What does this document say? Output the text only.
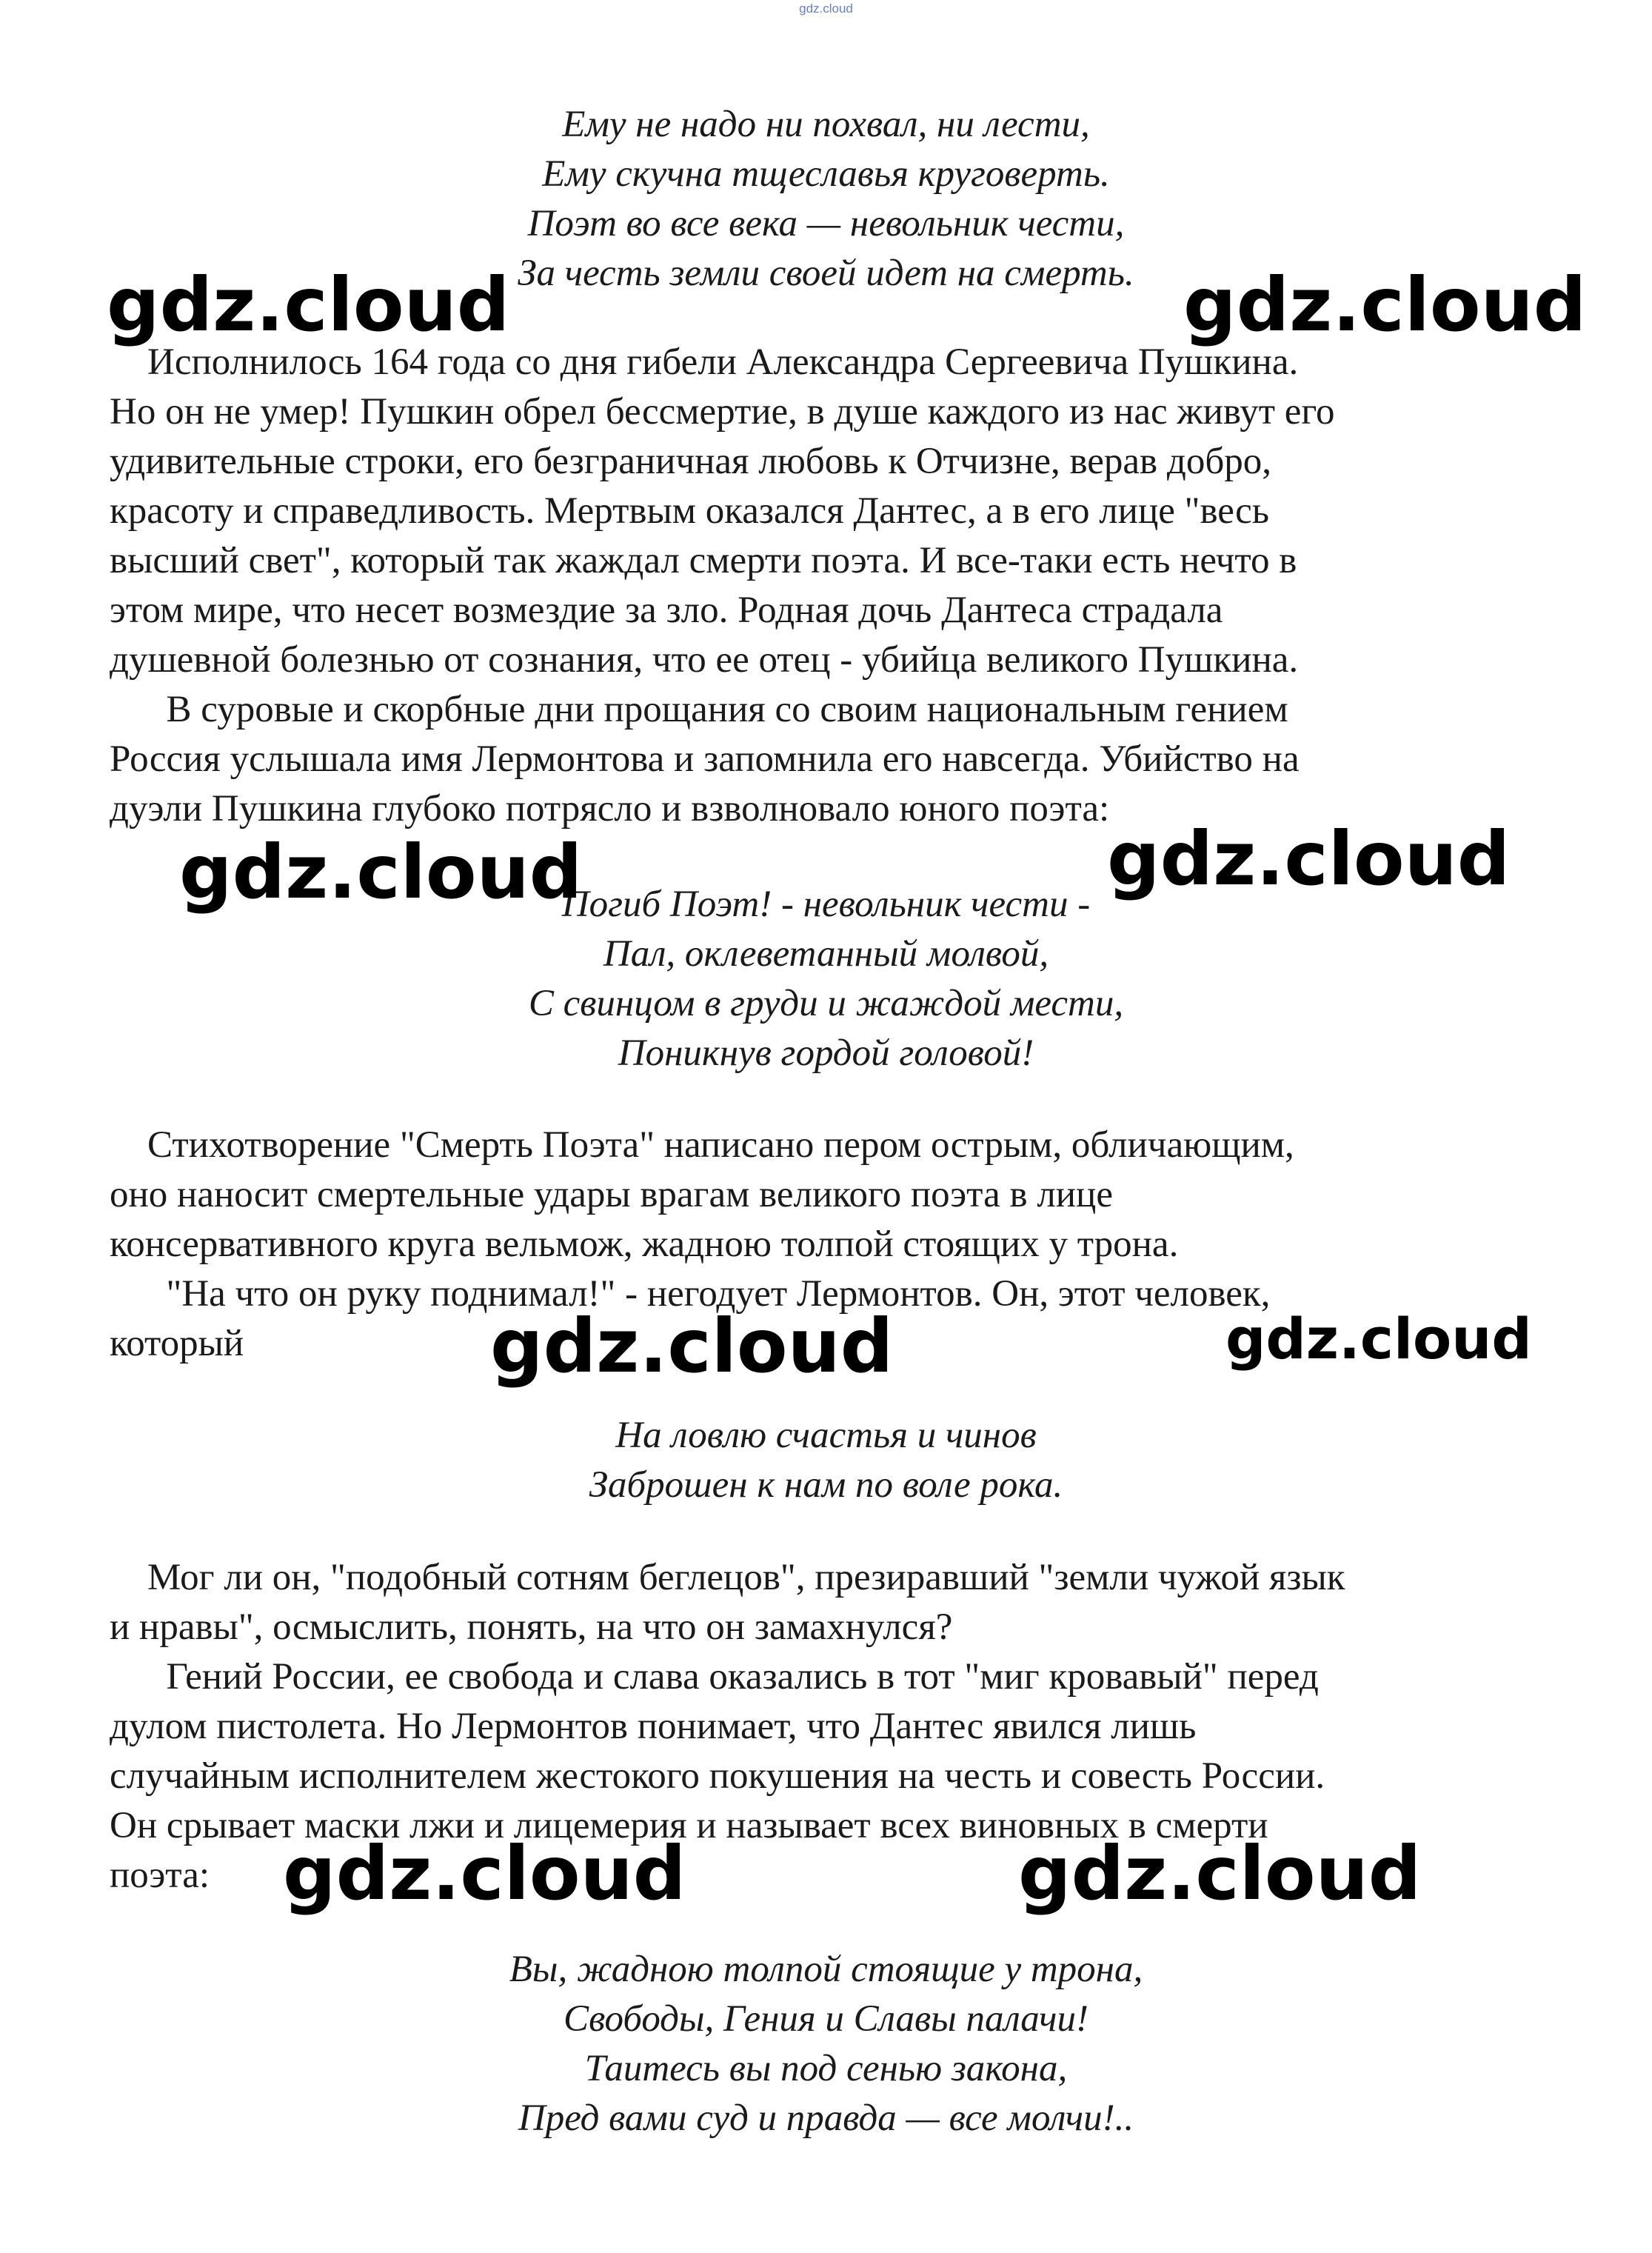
gdz.cloud
Ему не надо ни похвал, ни лести,
Ему скучна тщеславья круговерть.
Поэт во все века — невольник чести,
За честь земли своей идет на смерть.
Исполнилось 164 года со дня гибели Александра Сергеевича Пушкина.
Но он не умер! Пушкин обрел бессмертие, в душе каждого из нас живут его
удивительные строки, его безграничная любовь к Отчизне, верав добро,
красоту и справедливость. Мертвым оказался Дантес, а в его лице "весь
высший свет", который так жаждал смерти поэта. И все-таки есть нечто в
этом мире, что несет возмездие за зло. Родная дочь Дантеса страдала
душевной болезнью от сознания, что ее отец - убийца великого Пушкина.
В суровые и скорбные дни прощания со своим национальным гением
Россия услышала имя Лермонтова и запомнила его навсегда. Убийство на
дуэли Пушкина глубоко потрясло и взволновало юного поэта:
Погиб Поэт! - невольник чести -
Пал, оклеветанный молвой,
С свинцом в груди и жаждой мести,
Поникнув гордой головой!
Стихотворение "Смерть Поэта" написано пером острым, обличающим,
оно наносит смертельные удары врагам великого поэта в лице
консервативного круга вельмож, жадною толпой стоящих у трона.
"На что он руку поднимал!" - негодует Лермонтов. Он, этот человек,
который
На ловлю счастья и чинов
Заброшен к нам по воле рока.
Мог ли он, "подобный сотням беглецов", презиравший "земли чужой язык
и нравы", осмыслить, понять, на что он замахнулся?
Гений России, ее свобода и слава оказались в тот "миг кровавый" перед
дулом пистолета. Но Лермонтов понимает, что Дантес явился лишь
случайным исполнителем жестокого покушения на честь и совесть России.
Он срывает маски лжи и лицемерия и называет всех виновных в смерти
поэта:
Вы, жадною толпой стоящие у трона,
Свободы, Гения и Славы палачи!
Таитесь вы под сенью закона,
Пред вами суд и правда — все молчи!..
gdz.cloud	gdz.cloud
gdz.cloud	gdz.cloud
gdz.cloud	gdz.cloud
gdz.cloud	gdz.cloud
